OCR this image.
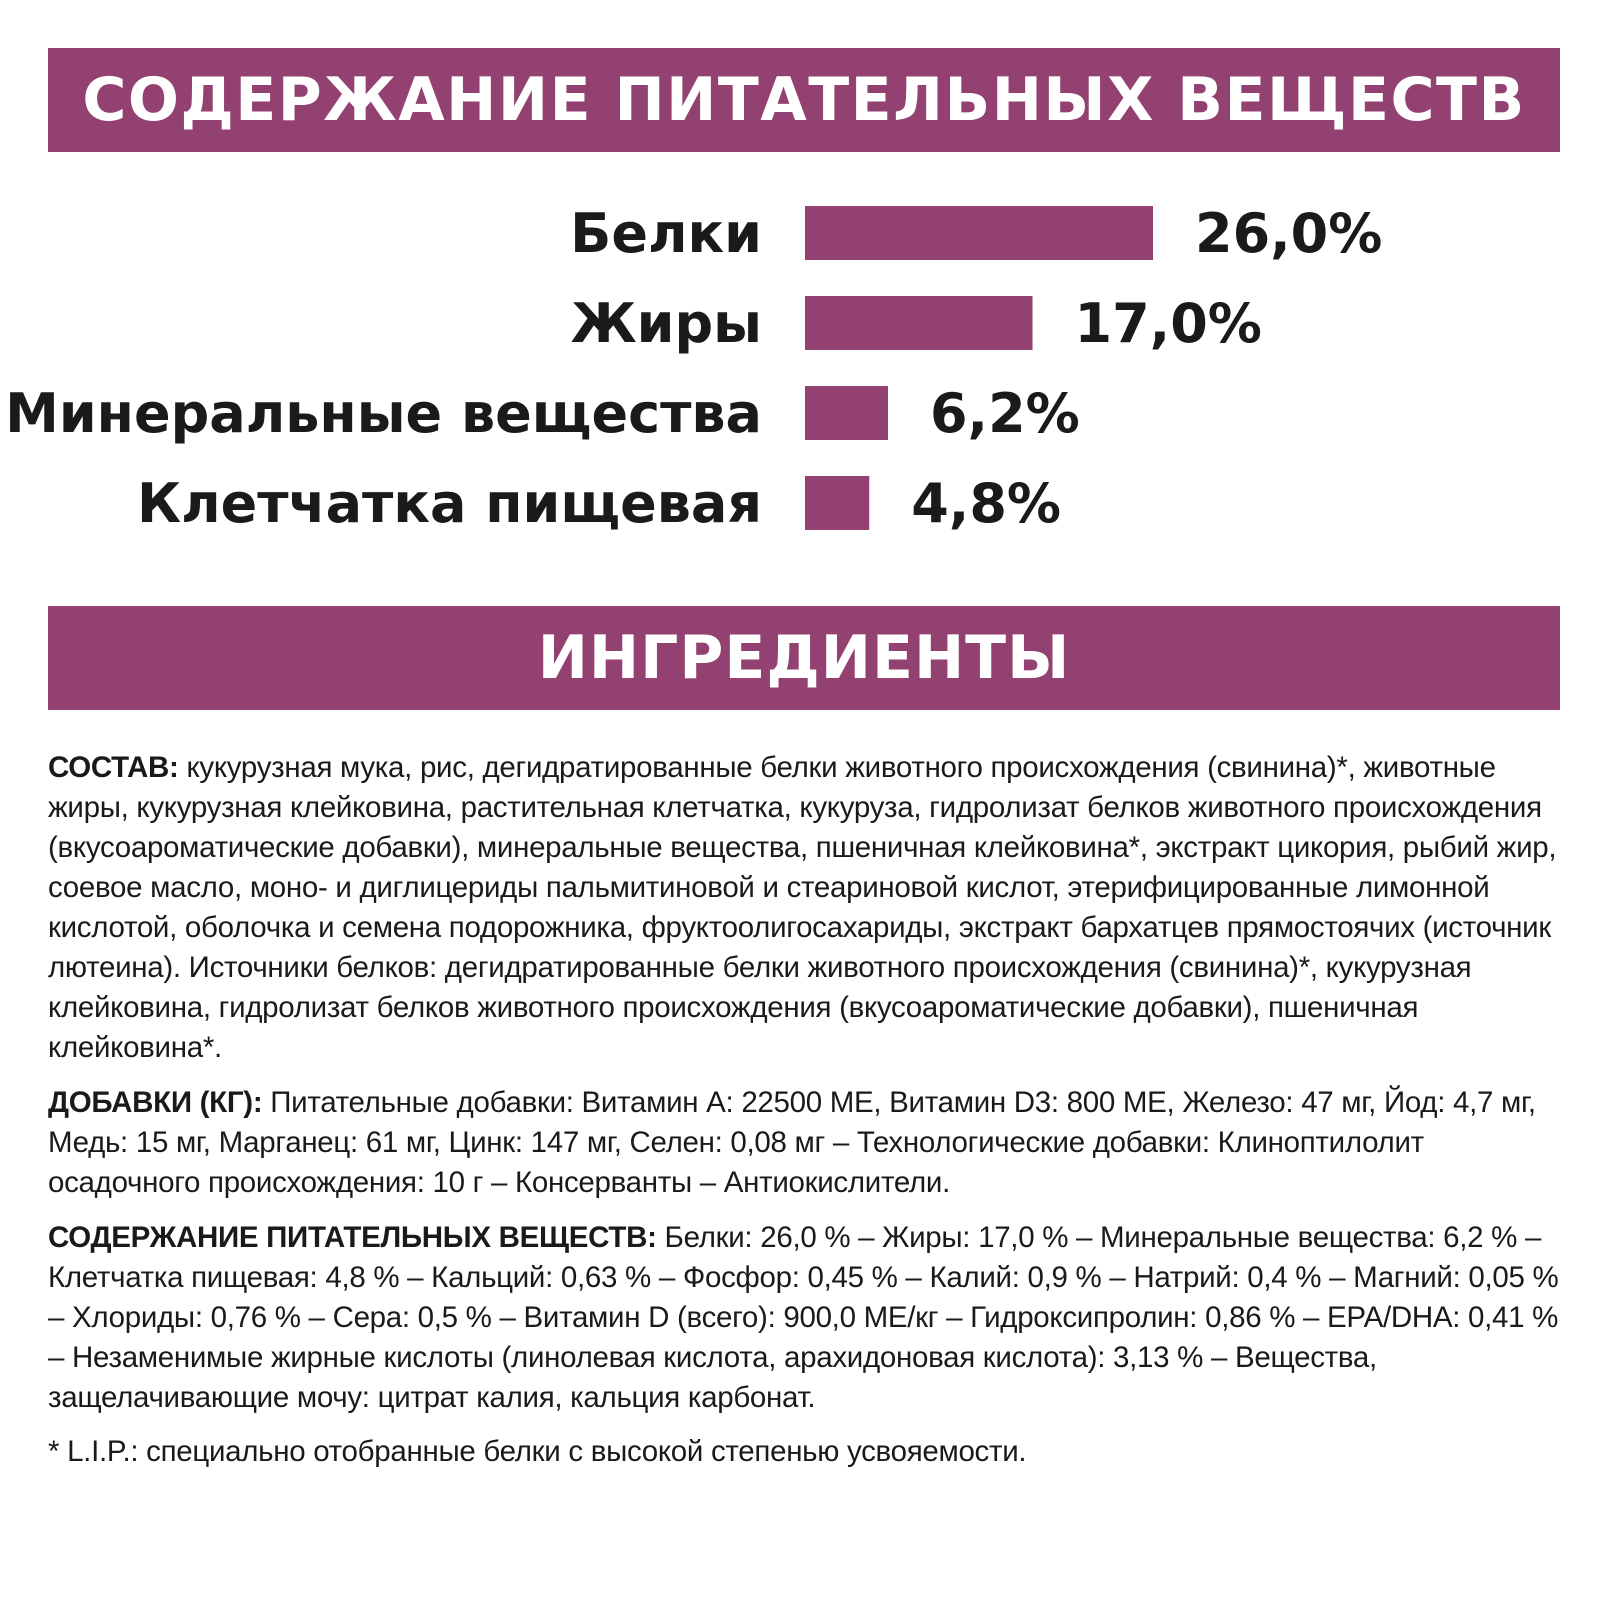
СОДЕРЖАНИЕ ПИТАТЕЛЬНЫХ ВЕЩЕСТВ
Белки	26,0%
Жиры	17,0%
Минеральные вещества	6,2%
Клетчатка пищевая	4,8%
ИНГРЕДИЕНТЫ

СОСТАВ: кукурузная мука, рис, дегидратированные белки животного происхождения (свинина)*, животные жиры, кукурузная клейковина, растительная клетчатка, кукуруза, гидролизат белков животного происхождения (вкусоароматические добавки), минеральные вещества, пшеничная клейковина*, экстракт цикория, рыбий жир, соевое масло, моно- и диглицериды пальмитиновой и стеариновой кислот, этерифицированные лимонной кислотой, оболочка и семена подорожника, фруктоолигосахариды, экстракт бархатцев прямостоячих (источник лютеина). Источники белков: дегидратированные белки животного происхождения (свинина)*, кукурузная клейковина, гидролизат белков животного происхождения (вкусоароматические добавки), пшеничная клейковина*.

ДОБАВКИ (КГ): Питательные добавки: Витамин А: 22500 МЕ, Витамин D3: 800 МЕ, Железо: 47 мг, Йод: 4,7 мг, Медь: 15 мг, Марганец: 61 мг, Цинк: 147 мг, Селен: 0,08 мг – Технологические добавки: Клиноптилолит осадочного происхождения: 10 г – Консерванты – Антиокислители.

СОДЕРЖАНИЕ ПИТАТЕЛЬНЫХ ВЕЩЕСТВ: Белки: 26,0 % – Жиры: 17,0 % – Минеральные вещества: 6,2 % – Клетчатка пищевая: 4,8 % – Кальций: 0,63 % – Фосфор: 0,45 % – Калий: 0,9 % – Натрий: 0,4 % – Магний: 0,05 % – Хлориды: 0,76 % – Сера: 0,5 % – Витамин D (всего): 900,0 МЕ/кг – Гидроксипролин: 0,86 % – EPA/DHA: 0,41 % – Незаменимые жирные кислоты (линолевая кислота, арахидоновая кислота): 3,13 % – Вещества, защелачивающие мочу: цитрат калия, кальция карбонат.

* L.I.P.: специально отобранные белки с высокой степенью усвояемости.
